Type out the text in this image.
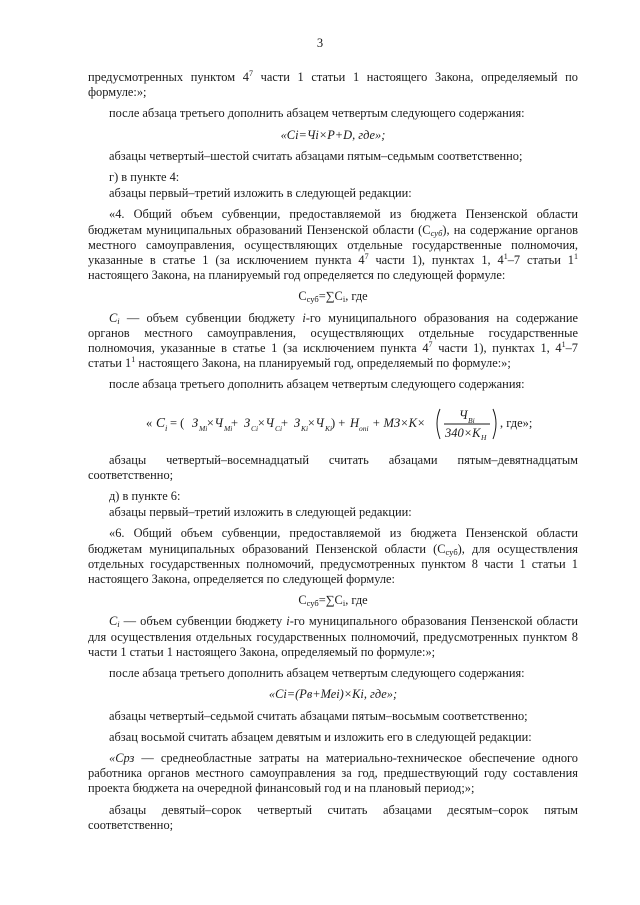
3

предусмотренных пунктом $4^7$ части 1 статьи 1 настоящего Закона, определяемый по формуле:»;

после абзаца третьего дополнить абзацем четвертым следующего содержания:

«Ci=Чi×P+D, где»;

абзацы четвертый–шестой считать абзацами пятым–седьмым соответственно;

г) в пункте 4:

абзацы первый–третий изложить в следующей редакции:

«4. Общий объем субвенции, предоставляемой из бюджета Пензенской области бюджетам муниципальных образований Пензенской области $(С_{суб})$, на содержание органов местного самоуправления, осуществляющих отдельные государственные полномочия, указанные в статье 1 (за исключением пункта $4^7$ части 1), пунктах 1, $4^1-7$ статьи $1^1$ настоящего Закона, на планируемый год определяется по следующей формуле:

$С_{суб}=\sum С_i$, где

$С_i$ — объем субвенции бюджету i-го муниципального образования на содержание органов местного самоуправления, осуществляющих отдельные государственные полномочия, указанные в статье 1 (за исключением пункта $4^7$ части 1), пунктах 1, $4^1-7$ статьи $1^1$ настоящего Закона, на планируемый год, определяемый по формуле:»;

после абзаца третьего дополнить абзацем четвертым следующего содержания:

« С i = ( З Мi
×Ч Мi
+ З Сi
×Ч Сi
+ З Кi
×Ч Кi
) + Н опi + МЗ×К×
Ч Вi
340×К Н
, где»;

абзацы четвертый–восемнадцатый считать абзацами пятым–девятнадцатым соответственно;

д) в пункте 6:

абзацы первый–третий изложить в следующей редакции:

«6. Общий объем субвенции, предоставляемой из бюджета Пензенской области бюджетам муниципальных образований Пензенской области $(С_{суб})$, для осуществления отдельных государственных полномочий, предусмотренных пунктом 8 части 1 статьи 1 настоящего Закона, определяется по следующей формуле:

$С_{суб}=\sum С_i$, где

$С_i$ — объем субвенции бюджету i-го муниципального образования Пензенской области для осуществления отдельных государственных полномочий, предусмотренных пунктом 8 части 1 статьи 1 настоящего Закона, определяемый по формуле:»;

после абзаца третьего дополнить абзацем четвертым следующего содержания:

«Сi=(Рв+Меi)×Кi, где»;

абзацы четвертый–седьмой считать абзацами пятым–восьмым соответственно;

абзац восьмой считать абзацем девятым и изложить его в следующей редакции:

«Срз — среднеобластные затраты на материально-техническое обеспечение одного работника органов местного самоуправления за год, предшествующий году составления проекта бюджета на очередной финансовый год и на плановый период;»;

абзацы девятый–сорок четвертый считать абзацами десятым–сорок пятым соответственно;
